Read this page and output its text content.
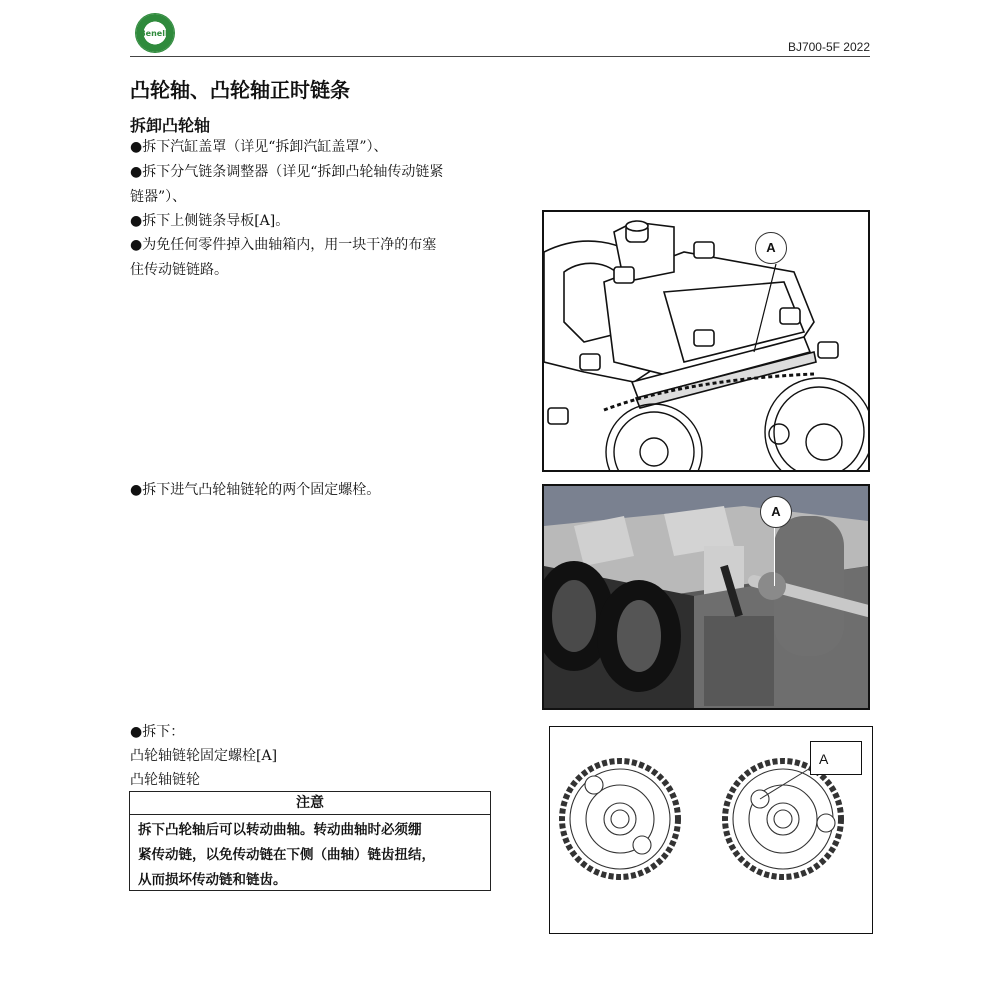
Benelli
BJ700-5F 2022
凸轮轴、凸轮轴正时链条
拆卸凸轮轴
●拆下汽缸盖罩（详见“拆卸汽缸盖罩”）、
●拆下分气链条调整器（详见“拆卸凸轮轴传动链紧
链器”）、
●拆下上侧链条导板[A]。
●为免任何零件掉入曲轴箱内，用一块干净的布塞
住传动链链路。
●拆下进气凸轮轴链轮的两个固定螺栓。
●拆下：
凸轮轴链轮固定螺栓[A]
凸轮轴链轮
注意
拆下凸轮轴后可以转动曲轴。转动曲轴时必须绷
紧传动链，以免传动链在下侧（曲轴）链齿扭结，
从而损坏传动链和链齿。
A
A
A
